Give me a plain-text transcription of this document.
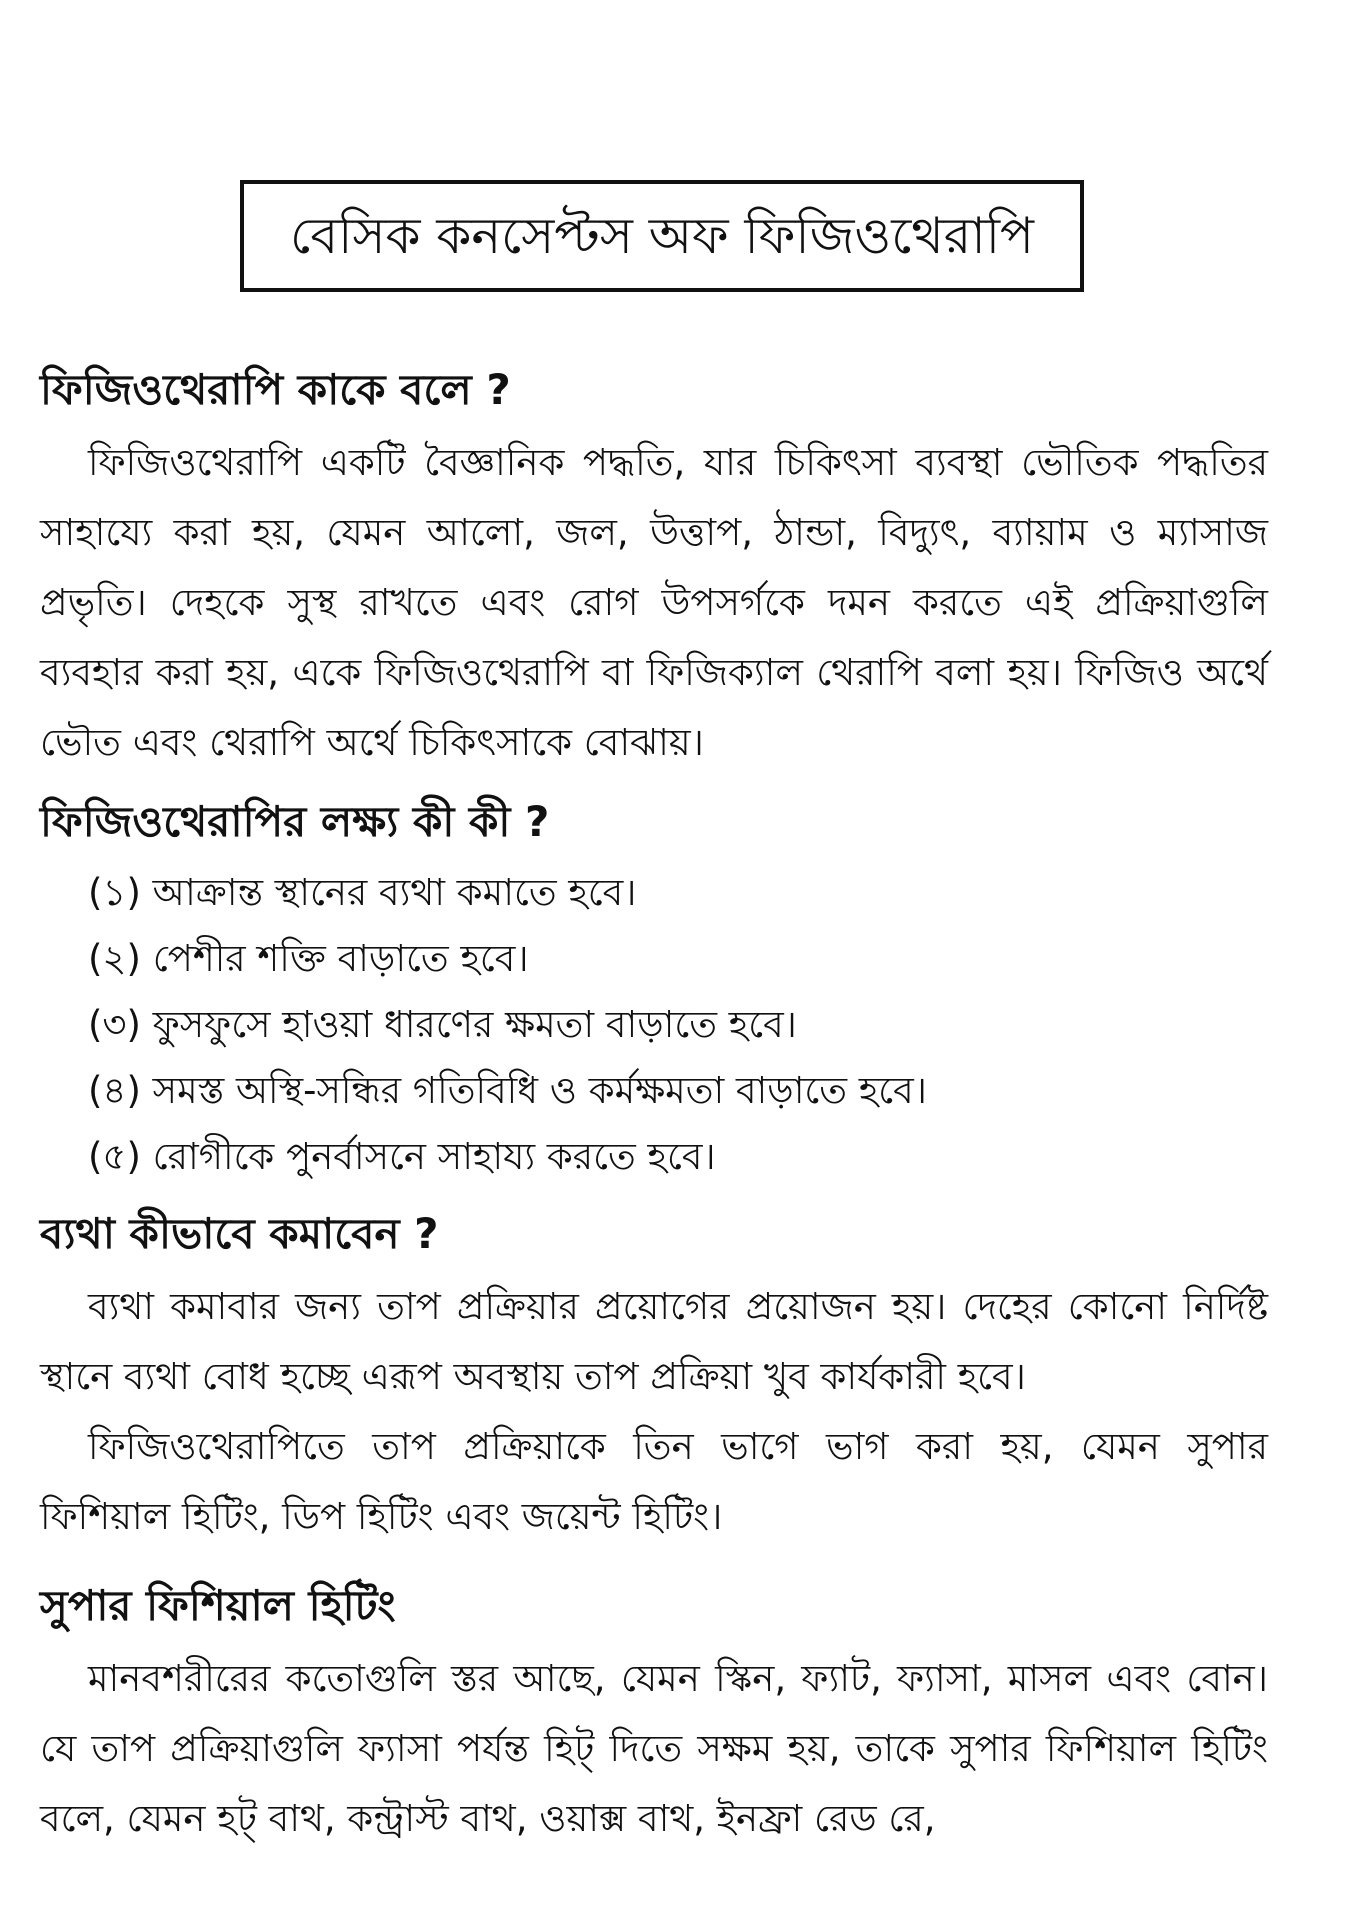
বেসিক কনসেপ্টস অফ ফিজিওথেরাপি
ফিজিওথেরাপি কাকে বলে ?

ফিজিওথেরাপি একটি বৈজ্ঞানিক পদ্ধতি, যার চিকিৎসা ব্যবস্থা ভৌতিক পদ্ধতির সাহায্যে করা হয়, যেমন আলো, জল, উত্তাপ, ঠান্ডা, বিদ্যুৎ, ব্যায়াম ও ম্যাসাজ প্রভৃতি। দেহকে সুস্থ রাখতে এবং রোগ উপসর্গকে দমন করতে এই প্রক্রিয়াগুলি ব্যবহার করা হয়, একে ফিজিওথেরাপি বা ফিজিক্যাল থেরাপি বলা হয়। ফিজিও অর্থে ভৌত এবং থেরাপি অর্থে চিকিৎসাকে বোঝায়।

ফিজিওথেরাপির লক্ষ্য কী কী ?
(১) আক্রান্ত স্থানের ব্যথা কমাতে হবে।
(২) পেশীর শক্তি বাড়াতে হবে।
(৩) ফুসফুসে হাওয়া ধারণের ক্ষমতা বাড়াতে হবে।
(৪) সমস্ত অস্থি-সন্ধির গতিবিধি ও কর্মক্ষমতা বাড়াতে হবে।
(৫) রোগীকে পুনর্বাসনে সাহায্য করতে হবে।
ব্যথা কীভাবে কমাবেন ?

ব্যথা কমাবার জন্য তাপ প্রক্রিয়ার প্রয়োগের প্রয়োজন হয়। দেহের কোনো নির্দিষ্ট স্থানে ব্যথা বোধ হচ্ছে এরূপ অবস্থায় তাপ প্রক্রিয়া খুব কার্যকারী হবে।

ফিজিওথেরাপিতে তাপ প্রক্রিয়াকে তিন ভাগে ভাগ করা হয়, যেমন সুপার ফিশিয়াল হিটিং, ডিপ হিটিং এবং জয়েন্ট হিটিং।

সুপার ফিশিয়াল হিটিং

মানবশরীরের কতোগুলি স্তর আছে, যেমন স্কিন, ফ্যাট, ফ্যাসা, মাসল এবং বোন। যে তাপ প্রক্রিয়াগুলি ফ্যাসা পর্যন্ত হিট্ দিতে সক্ষম হয়, তাকে সুপার ফিশিয়াল হিটিং বলে, যেমন হট্ বাথ, কন্ট্রাস্ট বাথ, ওয়াক্স বাথ, ইনফ্রা রেড রে,
